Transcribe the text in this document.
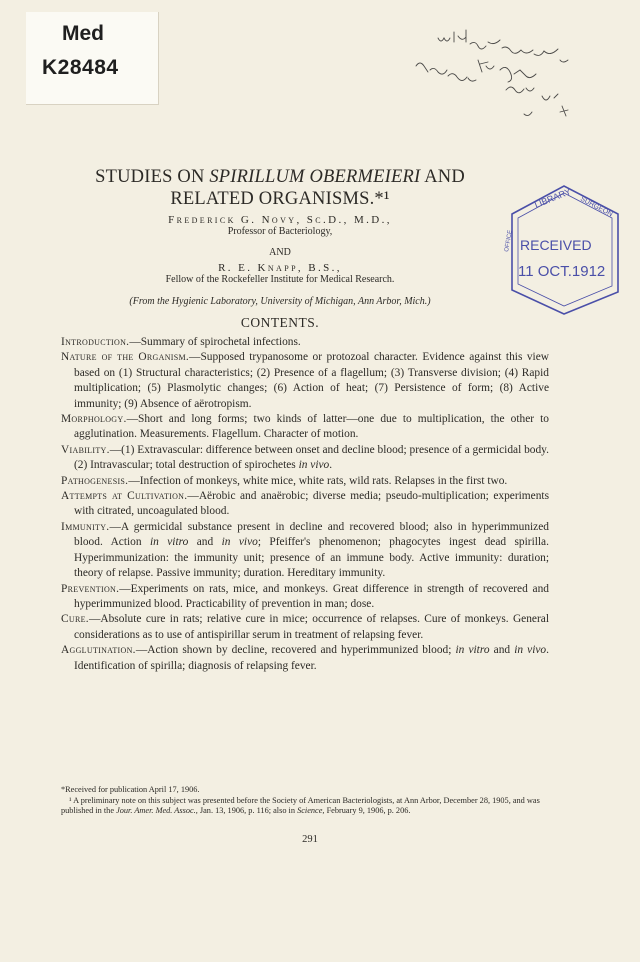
Med
K28484
LIBRARY SURGEON
RECEIVED
11 OCT.1912
OFFICE
STUDIES ON SPIRILLUM OBERMEIERI AND RELATED ORGANISMS.*¹
Frederick G. Novy, Sc.D., M.D.,
Professor of Bacteriology,
AND
R. E. Knapp, B.S.,
Fellow of the Rockefeller Institute for Medical Research.
(From the Hygienic Laboratory, University of Michigan, Ann Arbor, Mich.)
CONTENTS.

Introduction.—Summary of spirochetal infections.

Nature of the Organism.—Supposed trypanosome or protozoal character. Evidence against this view based on (1) Structural characteristics; (2) Presence of a flagellum; (3) Transverse division; (4) Rapid multiplication; (5) Plasmolytic changes; (6) Action of heat; (7) Persistence of form; (8) Active immunity; (9) Absence of aërotropism.

Morphology.—Short and long forms; two kinds of latter—one due to multiplication, the other to agglutination. Measurements. Flagellum. Character of motion.

Viability.—(1) Extravascular: difference between onset and decline blood; presence of a germicidal body. (2) Intravascular; total destruction of spirochetes in vivo.

Pathogenesis.—Infection of monkeys, white mice, white rats, wild rats. Relapses in the first two.

Attempts at Cultivation.—Aërobic and anaërobic; diverse media; pseudo-multiplication; experiments with citrated, uncoagulated blood.

Immunity.—A germicidal substance present in decline and recovered blood; also in hyperimmunized blood. Action in vitro and in vivo; Pfeiffer's phenomenon; phagocytes ingest dead spirilla. Hyperimmunization: the immunity unit; presence of an immune body. Active immunity: duration; theory of relapse. Passive immunity; duration. Hereditary immunity.

Prevention.—Experiments on rats, mice, and monkeys. Great difference in strength of recovered and hyperimmunized blood. Practicability of prevention in man; dose.

Cure.—Absolute cure in rats; relative cure in mice; occurrence of relapses. Cure of monkeys. General considerations as to use of antispirillar serum in treatment of relapsing fever.

Agglutination.—Action shown by decline, recovered and hyperimmunized blood; in vitro and in vivo. Identification of spirilla; diagnosis of relapsing fever.

*Received for publication April 17, 1906.

¹ A preliminary note on this subject was presented before the Society of American Bacteriologists, at Ann Arbor, December 28, 1905, and was published in the Jour. Amer. Med. Assoc., Jan. 13, 1906, p. 116; also in Science, February 9, 1906, p. 206.

291
